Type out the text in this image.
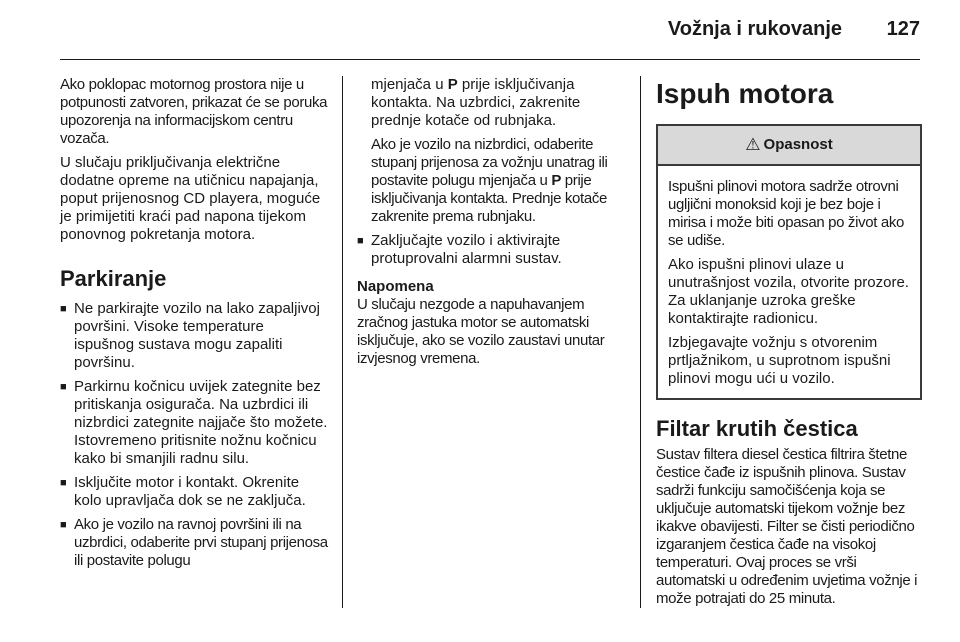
Vožnja i rukovanje 127

Ako poklopac motornog prostora nije u potpunosti zatvoren, prikazat će se poruka upozorenja na informacijskom centru vozača.

U slučaju priključivanja električne dodatne opreme na utičnicu napajanja, poput prijenosnog CD playera, moguće je primijetiti kraći pad napona tijekom ponovnog pokretanja motora.

Parkiranje
■ Ne parkirajte vozilo na lako zapaljivoj površini. Visoke temperature ispušnog sustava mogu zapaliti površinu.
■ Parkirnu kočnicu uvijek zategnite bez pritiskanja osigurača. Na uzbrdici ili nizbrdici zategnite najjače što možete. Istovremeno pritisnite nožnu kočnicu kako bi smanjili radnu silu.
■ Isključite motor i kontakt. Okrenite kolo upravljača dok se ne zaključa.
■ Ako je vozilo na ravnoj površini ili na uzbrdici, odaberite prvi stupanj prijenosa ili postavite polugu

mjenjača u P prije isključivanja kontakta. Na uzbrdici, zakrenite prednje kotače od rubnjaka.

Ako je vozilo na nizbrdici, odaberite stupanj prijenosa za vožnju unatrag ili postavite polugu mjenjača u P prije isključivanja kontakta. Prednje kotače zakrenite prema rubnjaku.

■ Zaključajte vozilo i aktivirajte protuprovalni alarmni sustav.
Napomena

U slučaju nezgode a napuhavanjem zračnog jastuka motor se automatski isključuje, ako se vozilo zaustavi unutar izvjesnog vremena.

Ispuh motora
⚠ Opasnost

Ispušni plinovi motora sadrže otrovni ugljični monoksid koji je bez boje i mirisa i može biti opasan po život ako se udiše.

Ako ispušni plinovi ulaze u unutrašnjost vozila, otvorite prozore. Za uklanjanje uzroka greške kontaktirajte radionicu.

Izbjegavajte vožnju s otvorenim prtljažnikom, u suprotnom ispušni plinovi mogu ući u vozilo.

Filtar krutih čestica

Sustav filtera diesel čestica filtrira štetne čestice čađe iz ispušnih plinova. Sustav sadrži funkciju samočišćenja koja se uključuje automatski tijekom vožnje bez ikakve obavijesti. Filter se čisti periodično izgaranjem čestica čađe na visokoj temperaturi. Ovaj proces se vrši automatski u određenim uvjetima vožnje i može potrajati do 25 minuta.
